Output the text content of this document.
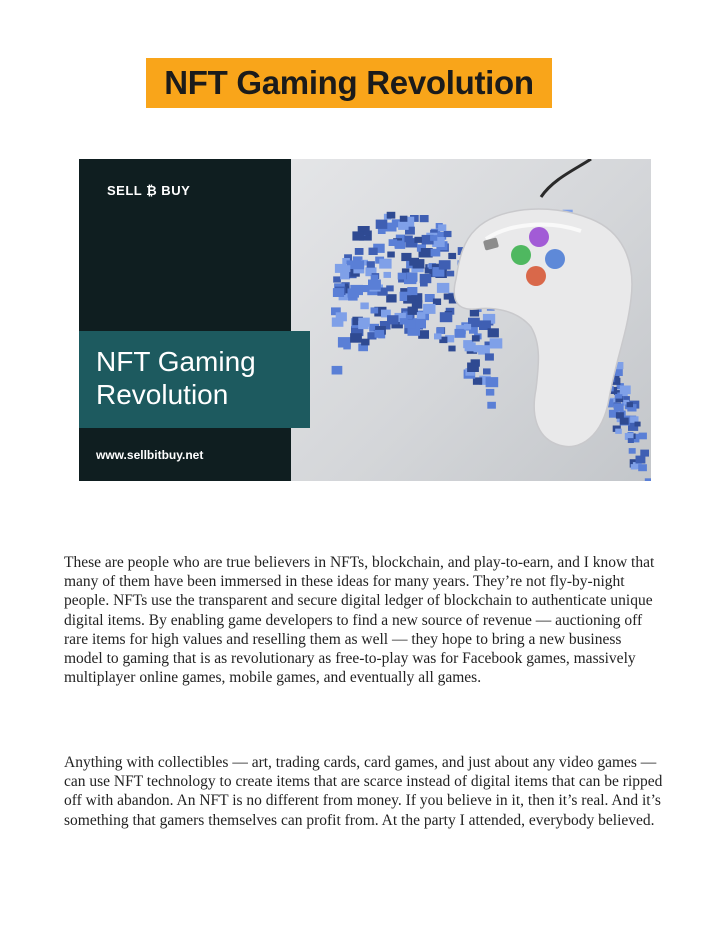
NFT Gaming Revolution
SELL ₿ BUY
NFT Gaming Revolution
www.sellbitbuy.net

These are people who are true believers in NFTs, blockchain, and play-to-earn, and I know that many of them have been immersed in these ideas for many years. They’re not fly-by-night people. NFTs use the transparent and secure digital ledger of blockchain to authenticate unique digital items. By enabling game developers to find a new source of revenue — auctioning off rare items for high values and reselling them as well — they hope to bring a new business model to gaming that is as revolutionary as free-to-play was for Facebook games, massively multiplayer online games, mobile games, and eventually all games.

Anything with collectibles — art, trading cards, card games, and just about any video games — can use NFT technology to create items that are scarce instead of digital items that can be ripped off with abandon. An NFT is no different from money. If you believe in it, then it’s real. And it’s something that gamers themselves can profit from. At the party I attended, everybody believed.
